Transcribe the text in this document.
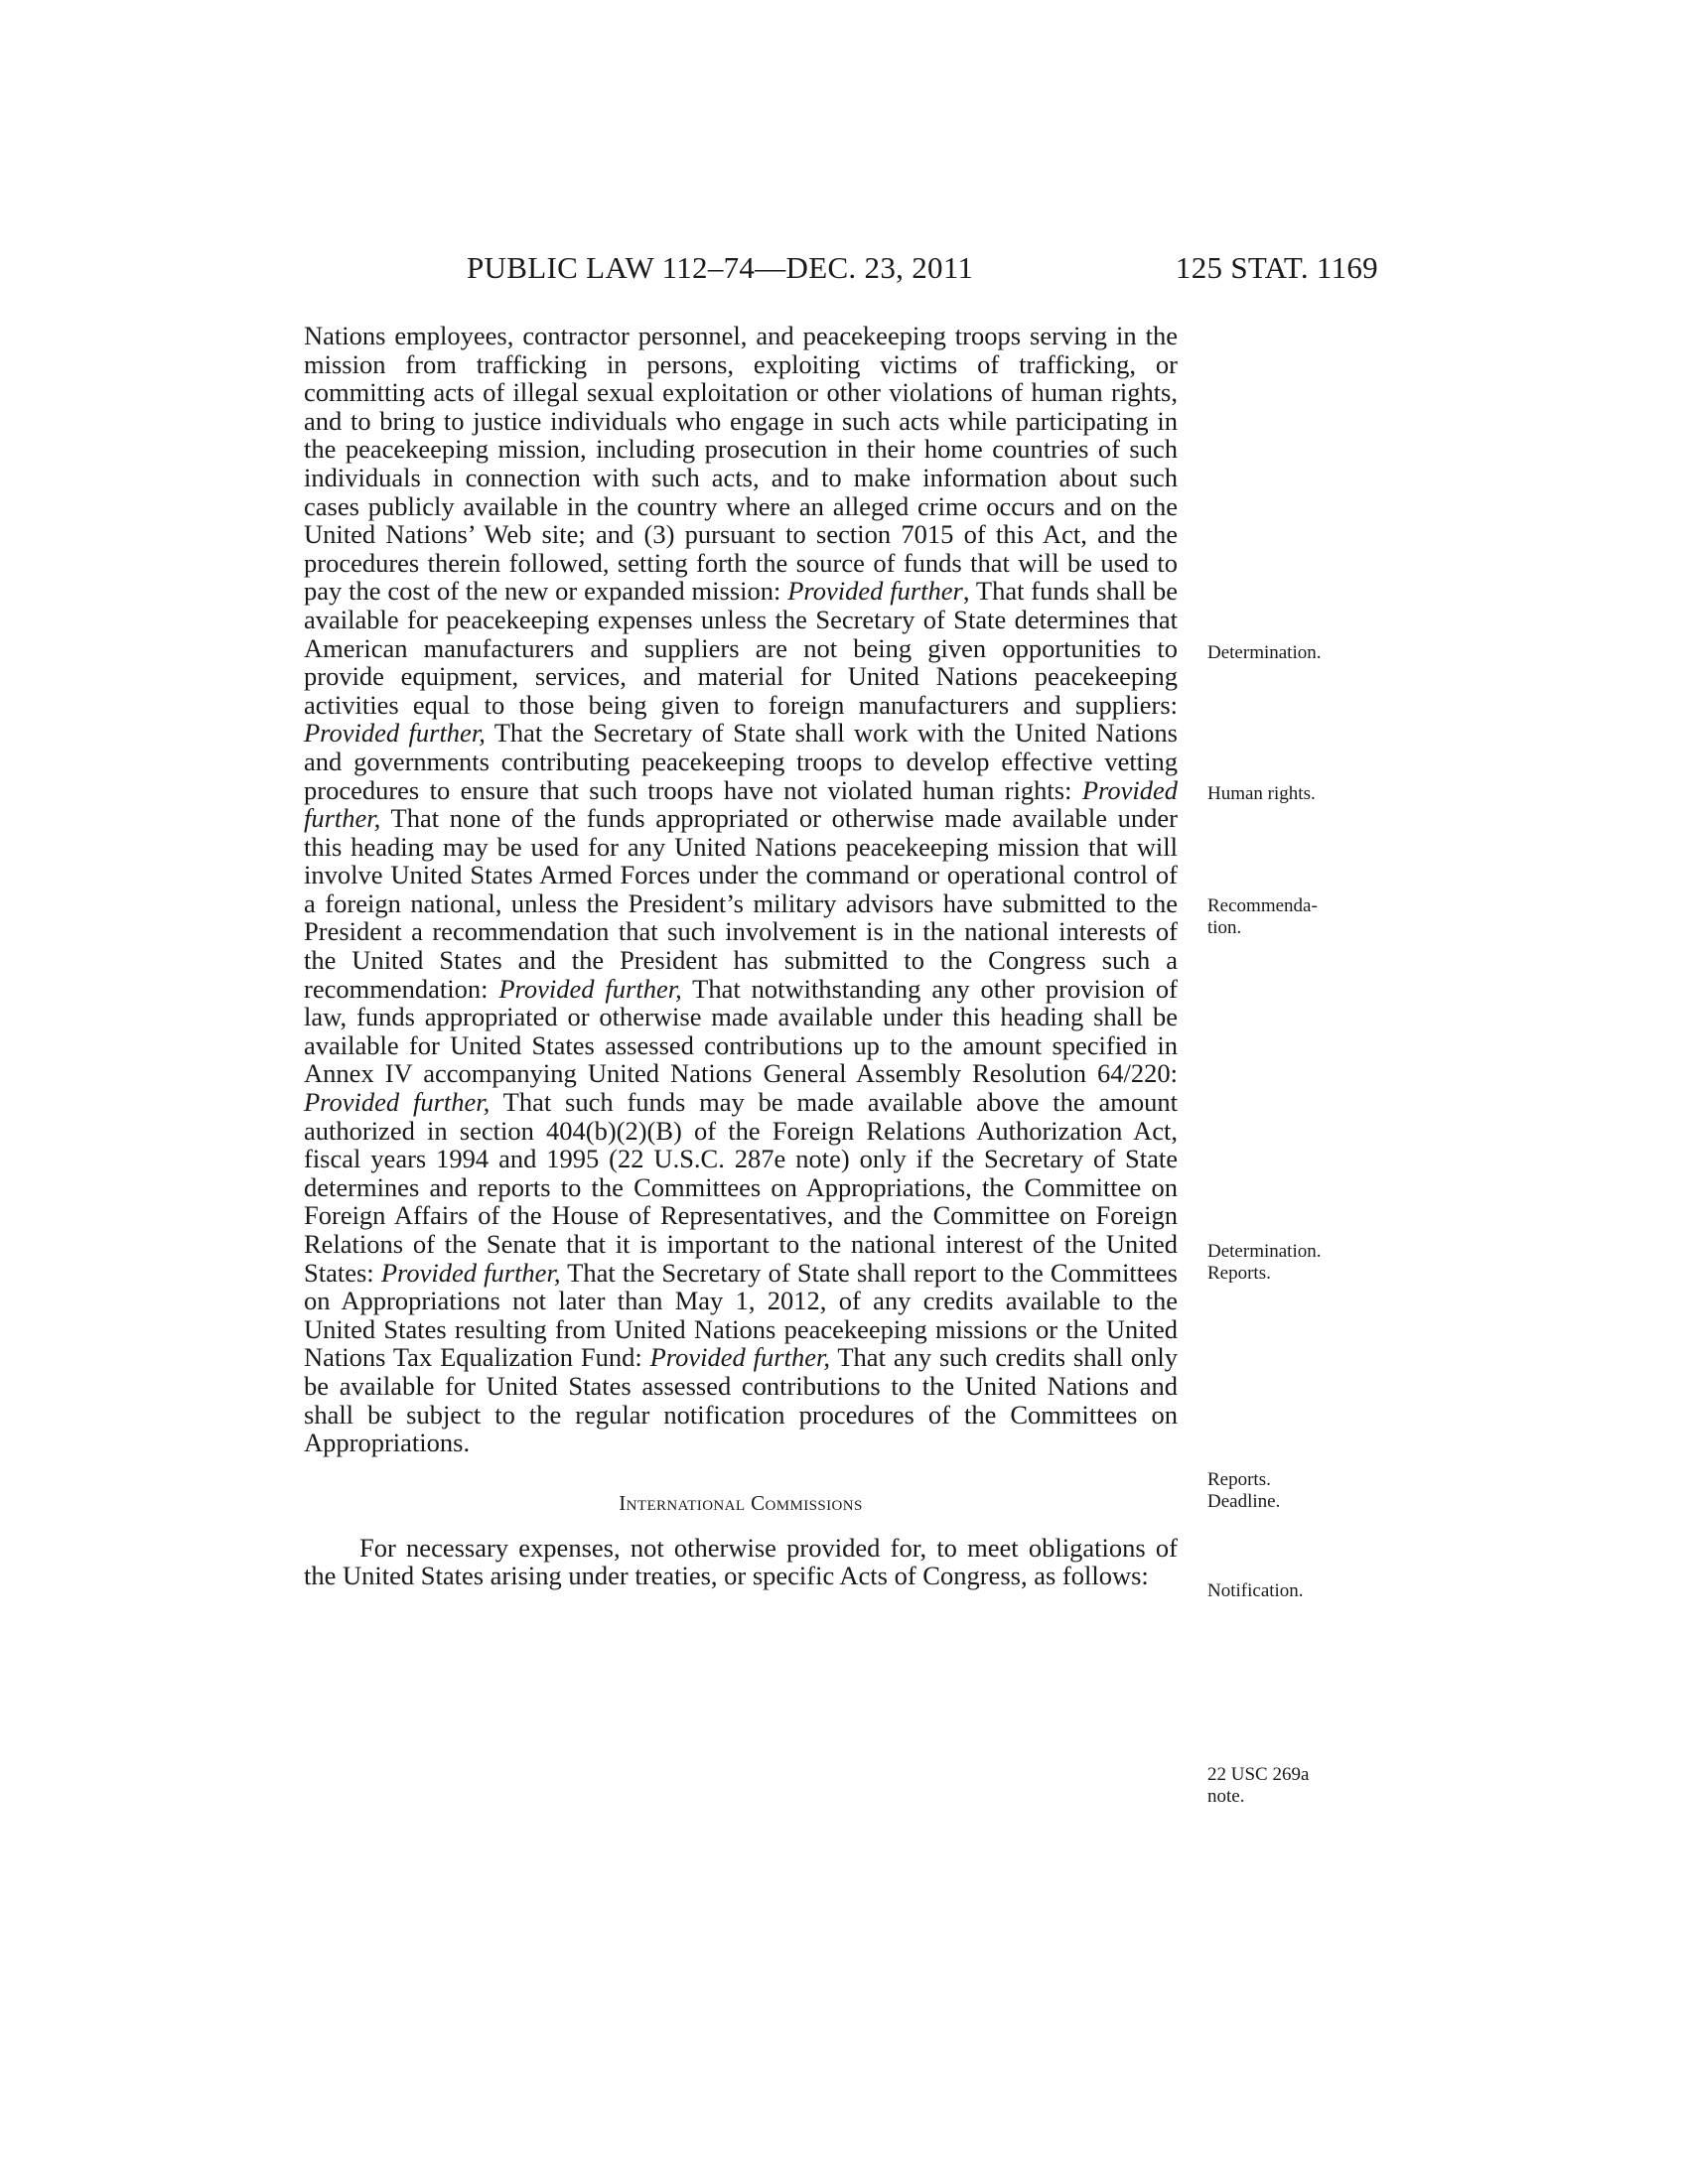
PUBLIC LAW 112–74—DEC. 23, 2011	125 STAT. 1169

Nations employees, contractor personnel, and peacekeeping troops serving in the mission from trafficking in persons, exploiting victims of trafficking, or committing acts of illegal sexual exploitation or other violations of human rights, and to bring to justice individuals who engage in such acts while participating in the peacekeeping mission, including prosecution in their home countries of such individuals in connection with such acts, and to make information about such cases publicly available in the country where an alleged crime occurs and on the United Nations’ Web site; and (3) pursuant to section 7015 of this Act, and the procedures therein followed, setting forth the source of funds that will be used to pay the cost of the new or expanded mission: Provided further, That funds shall be available for peacekeeping expenses unless the Secretary of State determines that American manufacturers and suppliers are not being given opportunities to provide equipment, services, and material for United Nations peacekeeping activities equal to those being given to foreign manufacturers and suppliers: Provided further, That the Secretary of State shall work with the United Nations and governments contributing peacekeeping troops to develop effective vetting procedures to ensure that such troops have not violated human rights: Provided further, That none of the funds appropriated or otherwise made available under this heading may be used for any United Nations peacekeeping mission that will involve United States Armed Forces under the command or operational control of a foreign national, unless the President’s military advisors have submitted to the President a recommendation that such involvement is in the national interests of the United States and the President has submitted to the Congress such a recommendation: Provided further, That notwithstanding any other provision of law, funds appropriated or otherwise made available under this heading shall be available for United States assessed contributions up to the amount specified in Annex IV accompanying United Nations General Assembly Resolution 64/220: Provided further, That such funds may be made available above the amount authorized in section 404(b)(2)(B) of the Foreign Relations Authorization Act, fiscal years 1994 and 1995 (22 U.S.C. 287e note) only if the Secretary of State determines and reports to the Committees on Appropriations, the Committee on Foreign Affairs of the House of Representatives, and the Committee on Foreign Relations of the Senate that it is important to the national interest of the United States: Provided further, That the Secretary of State shall report to the Committees on Appropriations not later than May 1, 2012, of any credits available to the United States resulting from United Nations peacekeeping missions or the United Nations Tax Equalization Fund: Provided further, That any such credits shall only be available for United States assessed contributions to the United Nations and shall be subject to the regular notification procedures of the Committees on Appropriations.

International Commissions

For necessary expenses, not otherwise provided for, to meet obligations of the United States arising under treaties, or specific Acts of Congress, as follows:

Determination.
Human rights.
Recommenda-
tion.
Determination.
Reports.
Reports.
Deadline.
Notification.
22 USC 269a
note.
